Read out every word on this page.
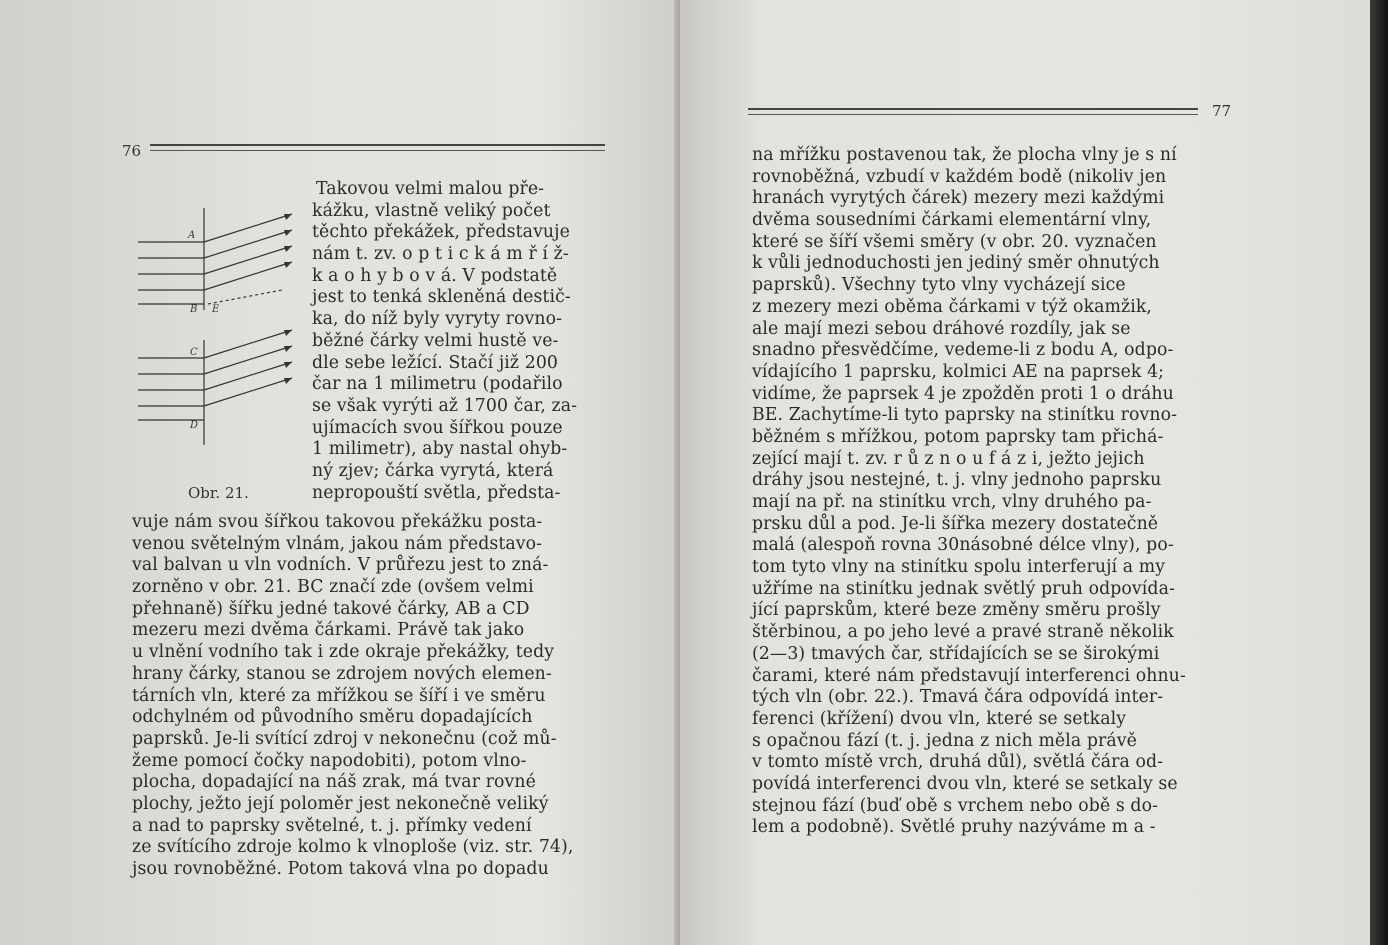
76
A
B E
C
D
Obr. 21.
Takovou velmi malou pře-
kážku, vlastně veliký počet
těchto překážek, představuje
nám t. zv. o p t i c k á m ř í ž-
k a o h y b o v á. V podstatě
jest to tenká skleněná destič-
ka, do níž byly vyryty rovno-
běžné čárky velmi hustě ve-
dle sebe ležící. Stačí již 200
čar na 1 milimetru (podařilo
se však vyrýti až 1700 čar, za-
ujímacích svou šířkou pouze
1 milimetr), aby nastal ohyb-
ný zjev; čárka vyrytá, která
nepropouští světla, předsta-
vuje nám svou šířkou takovou překážku posta-
venou světelným vlnám, jakou nám představo-
val balvan u vln vodních. V průřezu jest to zná-
zorněno v obr. 21. BC značí zde (ovšem velmi
přehnaně) šířku jedné takové čárky, AB a CD
mezeru mezi dvěma čárkami. Právě tak jako
u vlnění vodního tak i zde okraje překážky, tedy
hrany čárky, stanou se zdrojem nových elemen-
tárních vln, které za mřížkou se šíří i ve směru
odchylném od původního směru dopadajících
paprsků. Je-li svítící zdroj v nekonečnu (což mů-
žeme pomocí čočky napodobiti), potom vlno-
plocha, dopadající na náš zrak, má tvar rovné
plochy, ježto její poloměr jest nekonečně veliký
a nad to paprsky světelné, t. j. přímky vedení
ze svítícího zdroje kolmo k vlnoploše (viz. str. 74),
jsou rovnoběžné. Potom taková vlna po dopadu
77
na mřížku postavenou tak, že plocha vlny je s ní
rovnoběžná, vzbudí v každém bodě (nikoliv jen
hranách vyrytých čárek) mezery mezi každými
dvěma sousedními čárkami elementární vlny,
které se šíří všemi směry (v obr. 20. vyznačen
k vůli jednoduchosti jen jediný směr ohnutých
paprsků). Všechny tyto vlny vycházejí sice
z mezery mezi oběma čárkami v týž okamžik,
ale mají mezi sebou dráhové rozdíly, jak se
snadno přesvědčíme, vedeme-li z bodu A, odpo-
vídajícího 1 paprsku, kolmici AE na paprsek 4;
vidíme, že paprsek 4 je zpožděn proti 1 o dráhu
BE. Zachytíme-li tyto paprsky na stinítku rovno-
běžném s mřížkou, potom paprsky tam přichá-
zející mají t. zv. r ů z n o u f á z i, ježto jejich
dráhy jsou nestejné, t. j. vlny jednoho paprsku
mají na př. na stinítku vrch, vlny druhého pa-
prsku důl a pod. Je-li šířka mezery dostatečně
malá (alespoň rovna 30násobné délce vlny), po-
tom tyto vlny na stinítku spolu interferují a my
užříme na stinítku jednak světlý pruh odpovída-
jící paprskům, které beze změny směru prošly
štěrbinou, a po jeho levé a pravé straně několik
(2—3) tmavých čar, střídajících se se širokými
čarami, které nám představují interferenci ohnu-
tých vln (obr. 22.). Tmavá čára odpovídá inter-
ferenci (křížení) dvou vln, které se setkaly
s opačnou fází (t. j. jedna z nich měla právě
v tomto místě vrch, druhá důl), světlá čára od-
povídá interferenci dvou vln, které se setkaly se
stejnou fází (buď obě s vrchem nebo obě s do-
lem a podobně). Světlé pruhy nazýváme m a -
